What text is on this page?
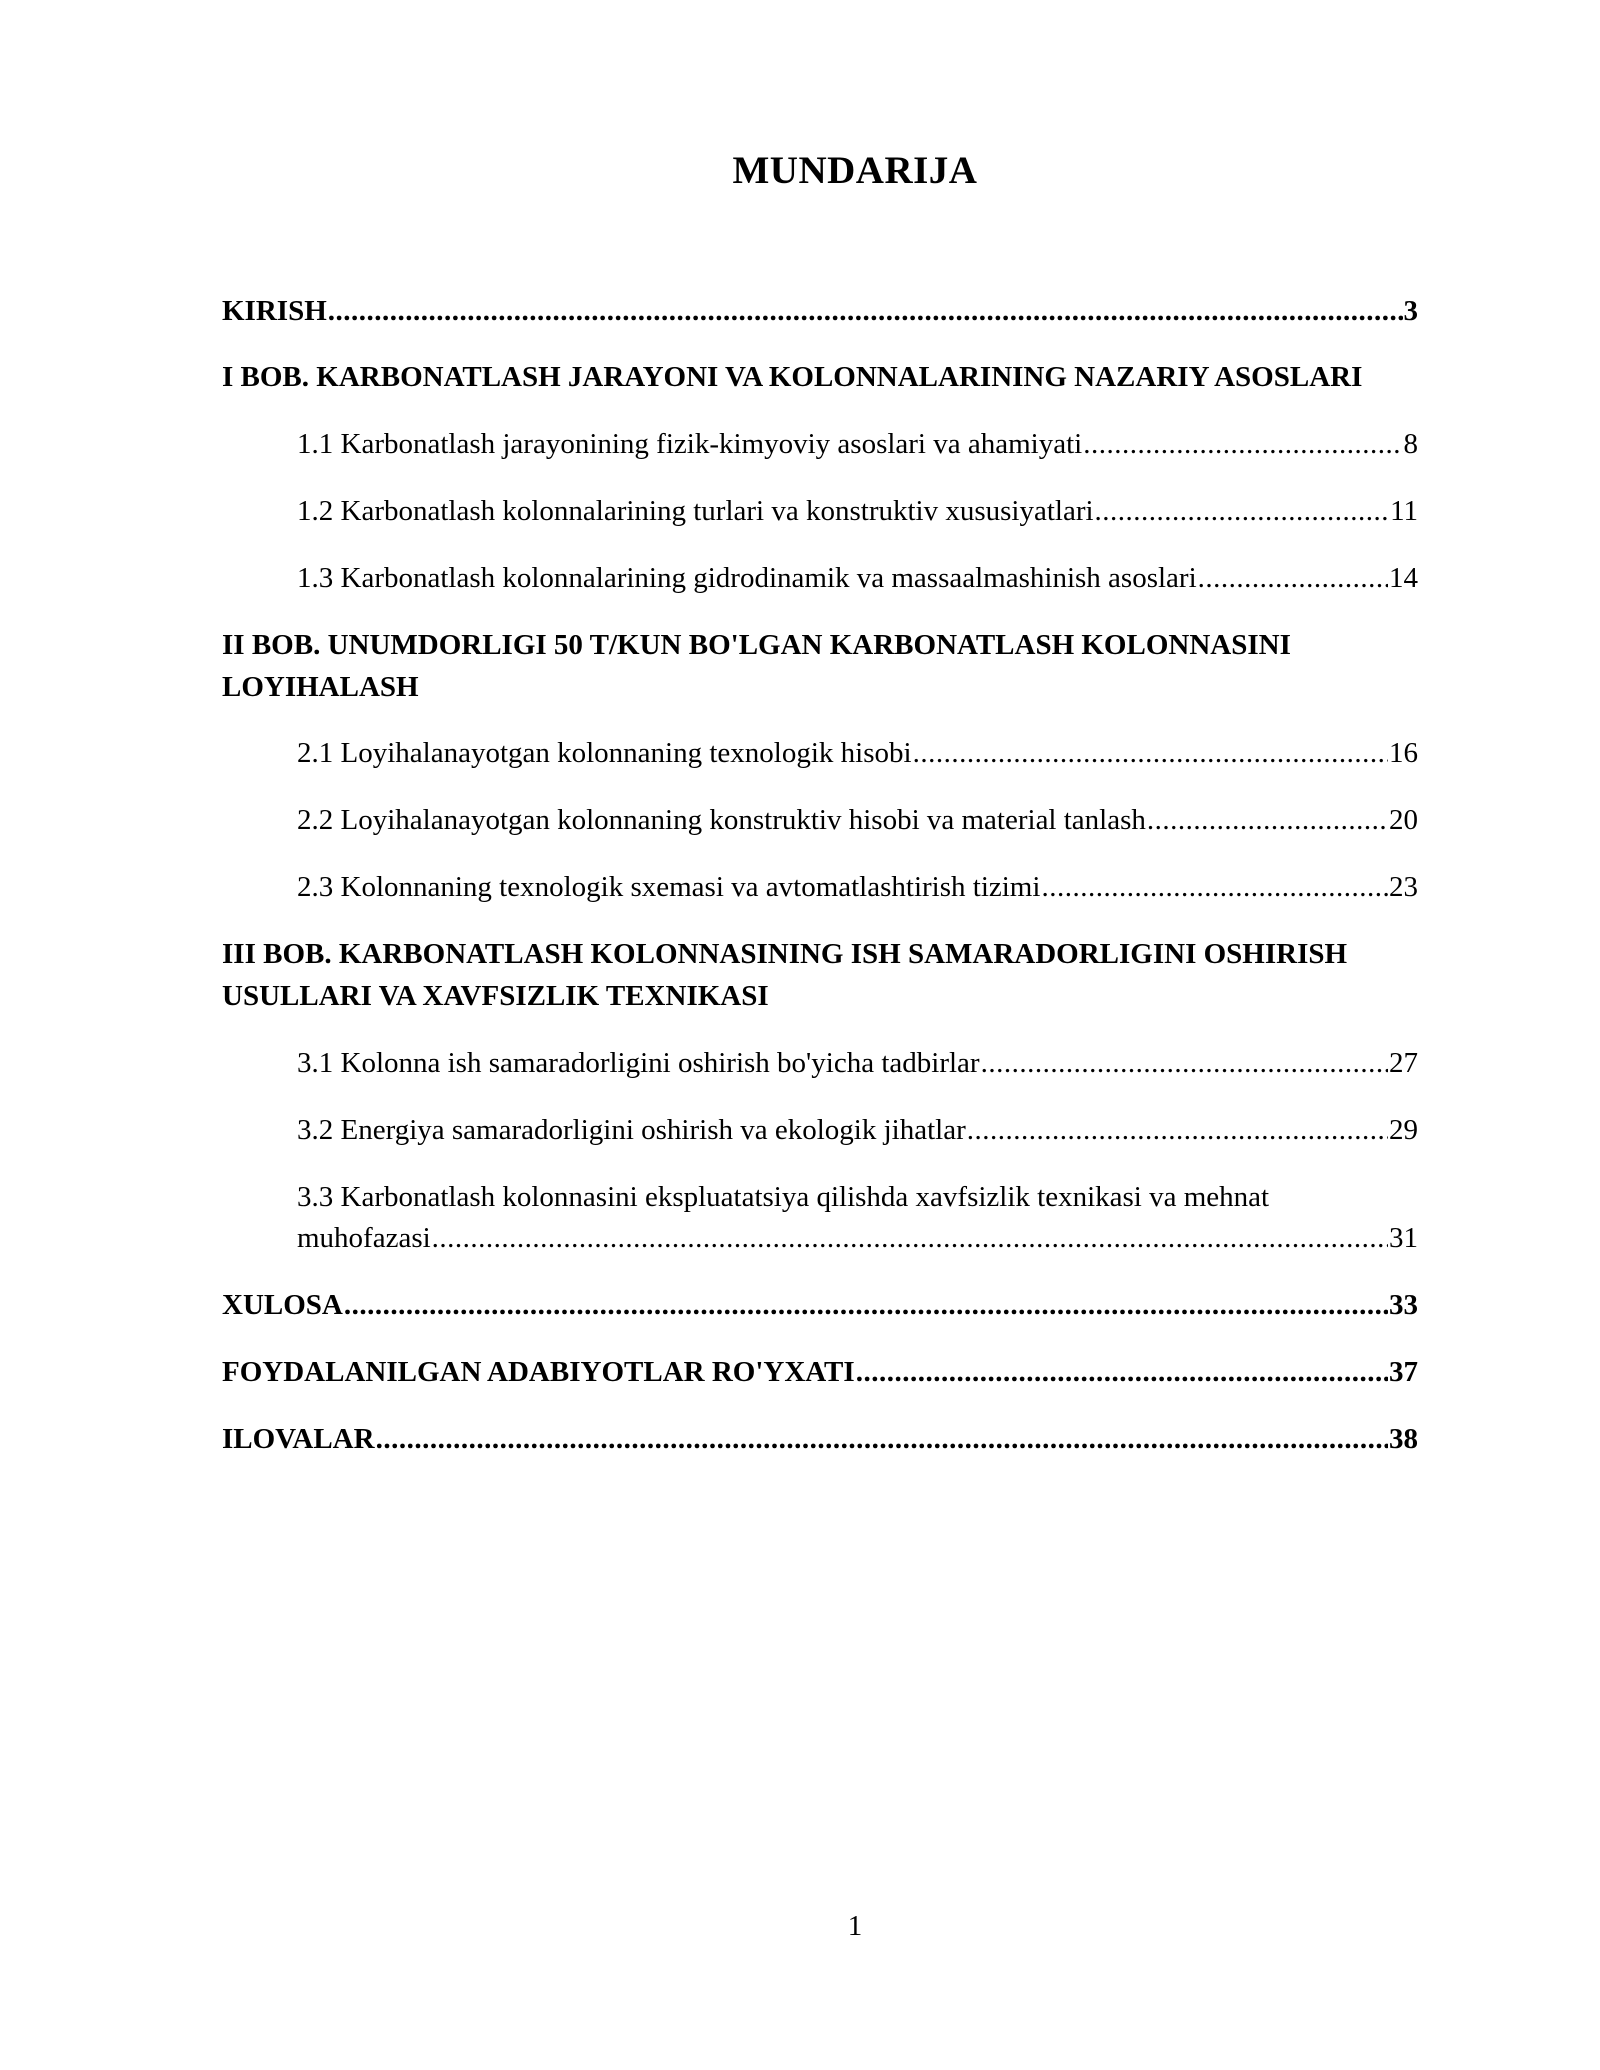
MUNDARIJA
KIRISH .....	3
I BOB. KARBONATLASH JARAYONI VA KOLONNALARINING NAZARIY ASOSLARI
1.1 Karbonatlash jarayonining fizik-kimyoviy asoslari va ahamiyati .....	8
1.2 Karbonatlash kolonnalarining turlari va konstruktiv xususiyatlari .....	11
1.3 Karbonatlash kolonnalarining gidrodinamik va massaalmashinish asoslari .....	14
II BOB. UNUMDORLIGI 50 T/KUN BO'LGAN KARBONATLASH KOLONNASINI LOYIHALASH
2.1 Loyihalanayotgan kolonnaning texnologik hisobi .....	16
2.2 Loyihalanayotgan kolonnaning konstruktiv hisobi va material tanlash .....	20
2.3 Kolonnaning texnologik sxemasi va avtomatlashtirish tizimi .....	23
III BOB. KARBONATLASH KOLONNASINING ISH SAMARADORLIGINI OSHIRISH USULLARI VA XAVFSIZLIK TEXNIKASI
3.1 Kolonna ish samaradorligini oshirish bo'yicha tadbirlar .....	27
3.2 Energiya samaradorligini oshirish va ekologik jihatlar .....	29
3.3 Karbonatlash kolonnasini ekspluatatsiya qilishda xavfsizlik texnikasi va mehnat
muhofazasi .....	31
XULOSA .....	33
FOYDALANILGAN ADABIYOTLAR RO'YXATI .....	37
ILOVALAR .....	38
1
